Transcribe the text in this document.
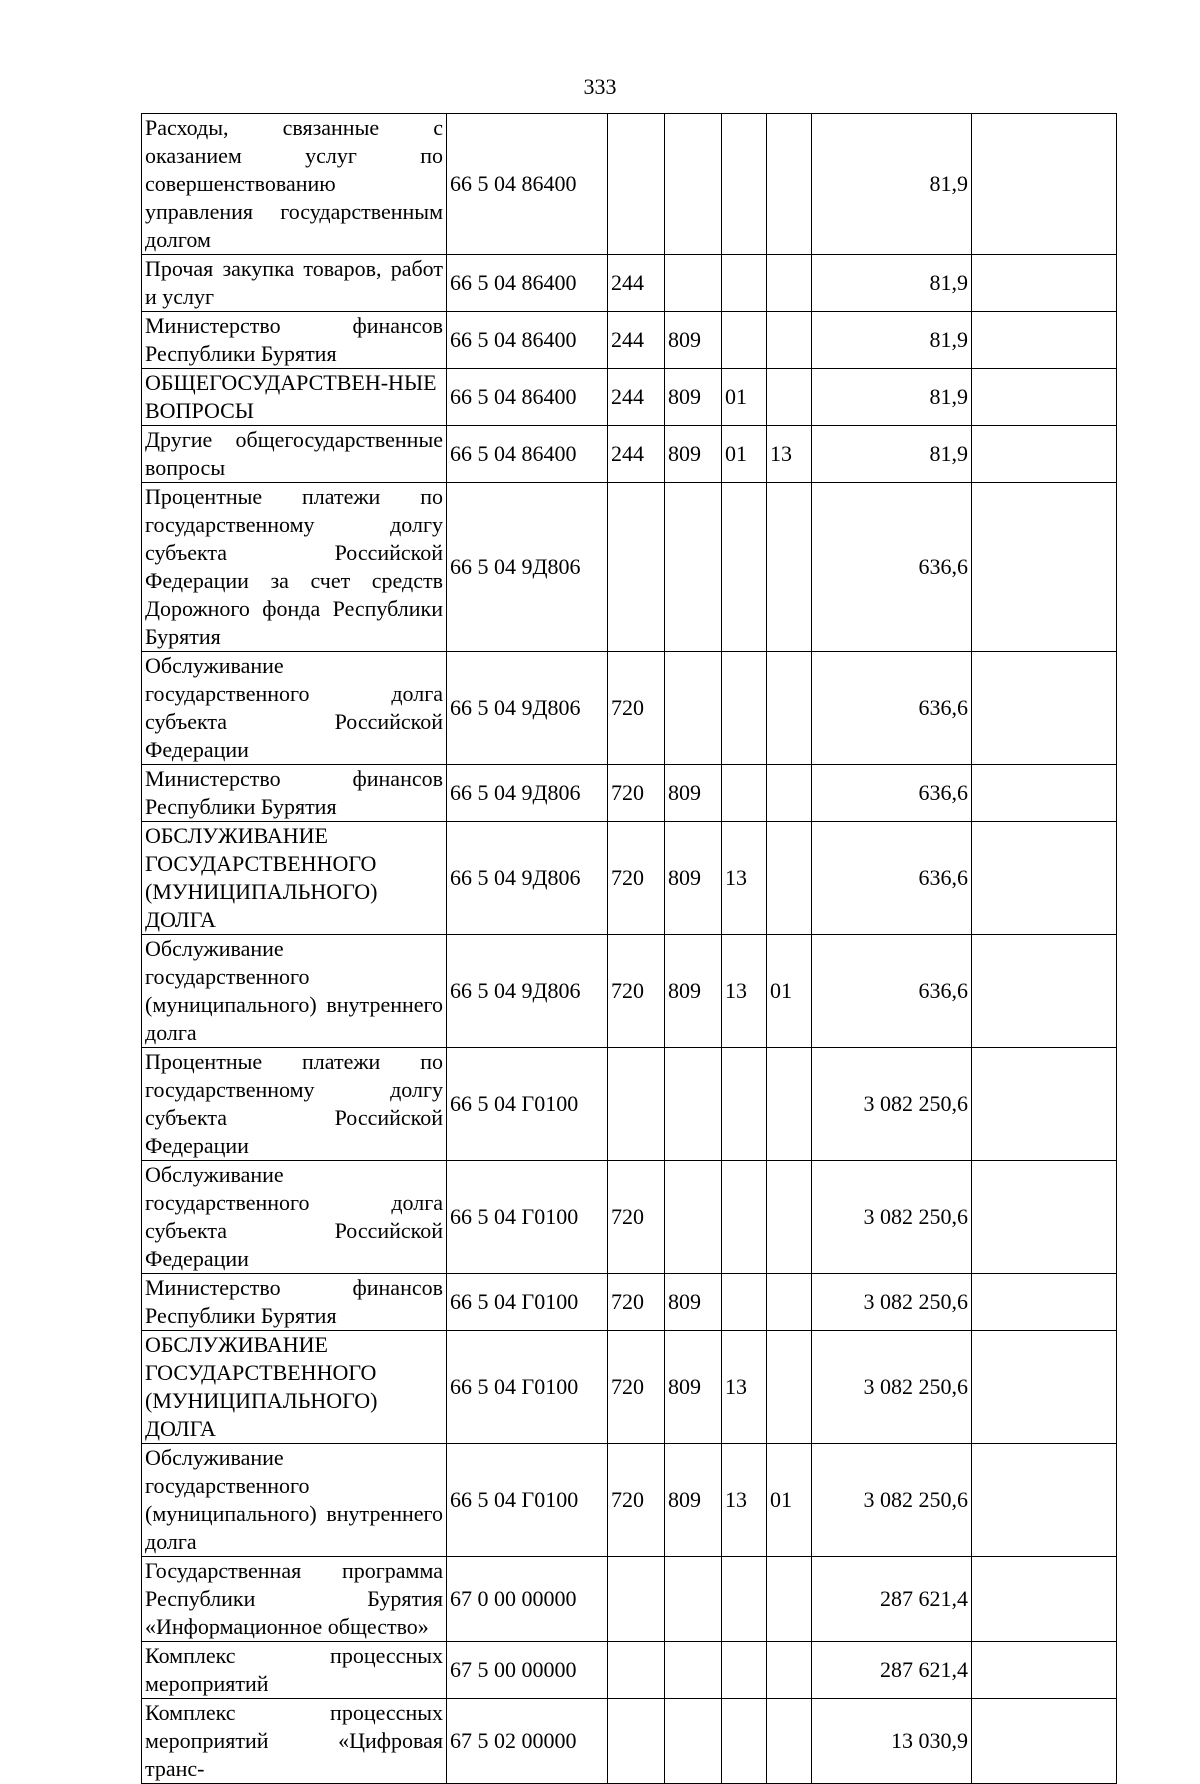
333
Расходы, связанные с оказанием услуг по совершенствованию управления государственным долгом	66 5 04 86400					81,9	
Прочая закупка товаров, работ и услуг	66 5 04 86400	244				81,9	
Министерство финансов Республики Бурятия	66 5 04 86400	244	809			81,9	
ОБЩЕГОСУДАРСТВЕН-НЫЕ ВОПРОСЫ	66 5 04 86400	244	809	01		81,9	
Другие общегосударственные вопросы	66 5 04 86400	244	809	01	13	81,9	
Процентные платежи по государственному долгу субъекта Российской Федерации за счет средств Дорожного фонда Республики Бурятия	66 5 04 9Д806					636,6	
Обслуживание государственного долга субъекта Российской Федерации	66 5 04 9Д806	720				636,6	
Министерство финансов Республики Бурятия	66 5 04 9Д806	720	809			636,6	
ОБСЛУЖИВАНИЕ ГОСУДАРСТВЕННОГО (МУНИЦИПАЛЬНОГО) ДОЛГА	66 5 04 9Д806	720	809	13		636,6	
Обслуживание государственного (муниципального) внутреннего долга	66 5 04 9Д806	720	809	13	01	636,6	
Процентные платежи по государственному долгу субъекта Российской Федерации	66 5 04 Г0100					3 082 250,6	
Обслуживание государственного долга субъекта Российской Федерации	66 5 04 Г0100	720				3 082 250,6	
Министерство финансов Республики Бурятия	66 5 04 Г0100	720	809			3 082 250,6	
ОБСЛУЖИВАНИЕ ГОСУДАРСТВЕННОГО (МУНИЦИПАЛЬНОГО) ДОЛГА	66 5 04 Г0100	720	809	13		3 082 250,6	
Обслуживание государственного (муниципального) внутреннего долга	66 5 04 Г0100	720	809	13	01	3 082 250,6	
Государственная программа Республики Бурятия «Информационное общество»	67 0 00 00000					287 621,4	
Комплекс процессных мероприятий	67 5 00 00000					287 621,4	
Комплекс процессных мероприятий «Цифровая транс-	67 5 02 00000					13 030,9	
